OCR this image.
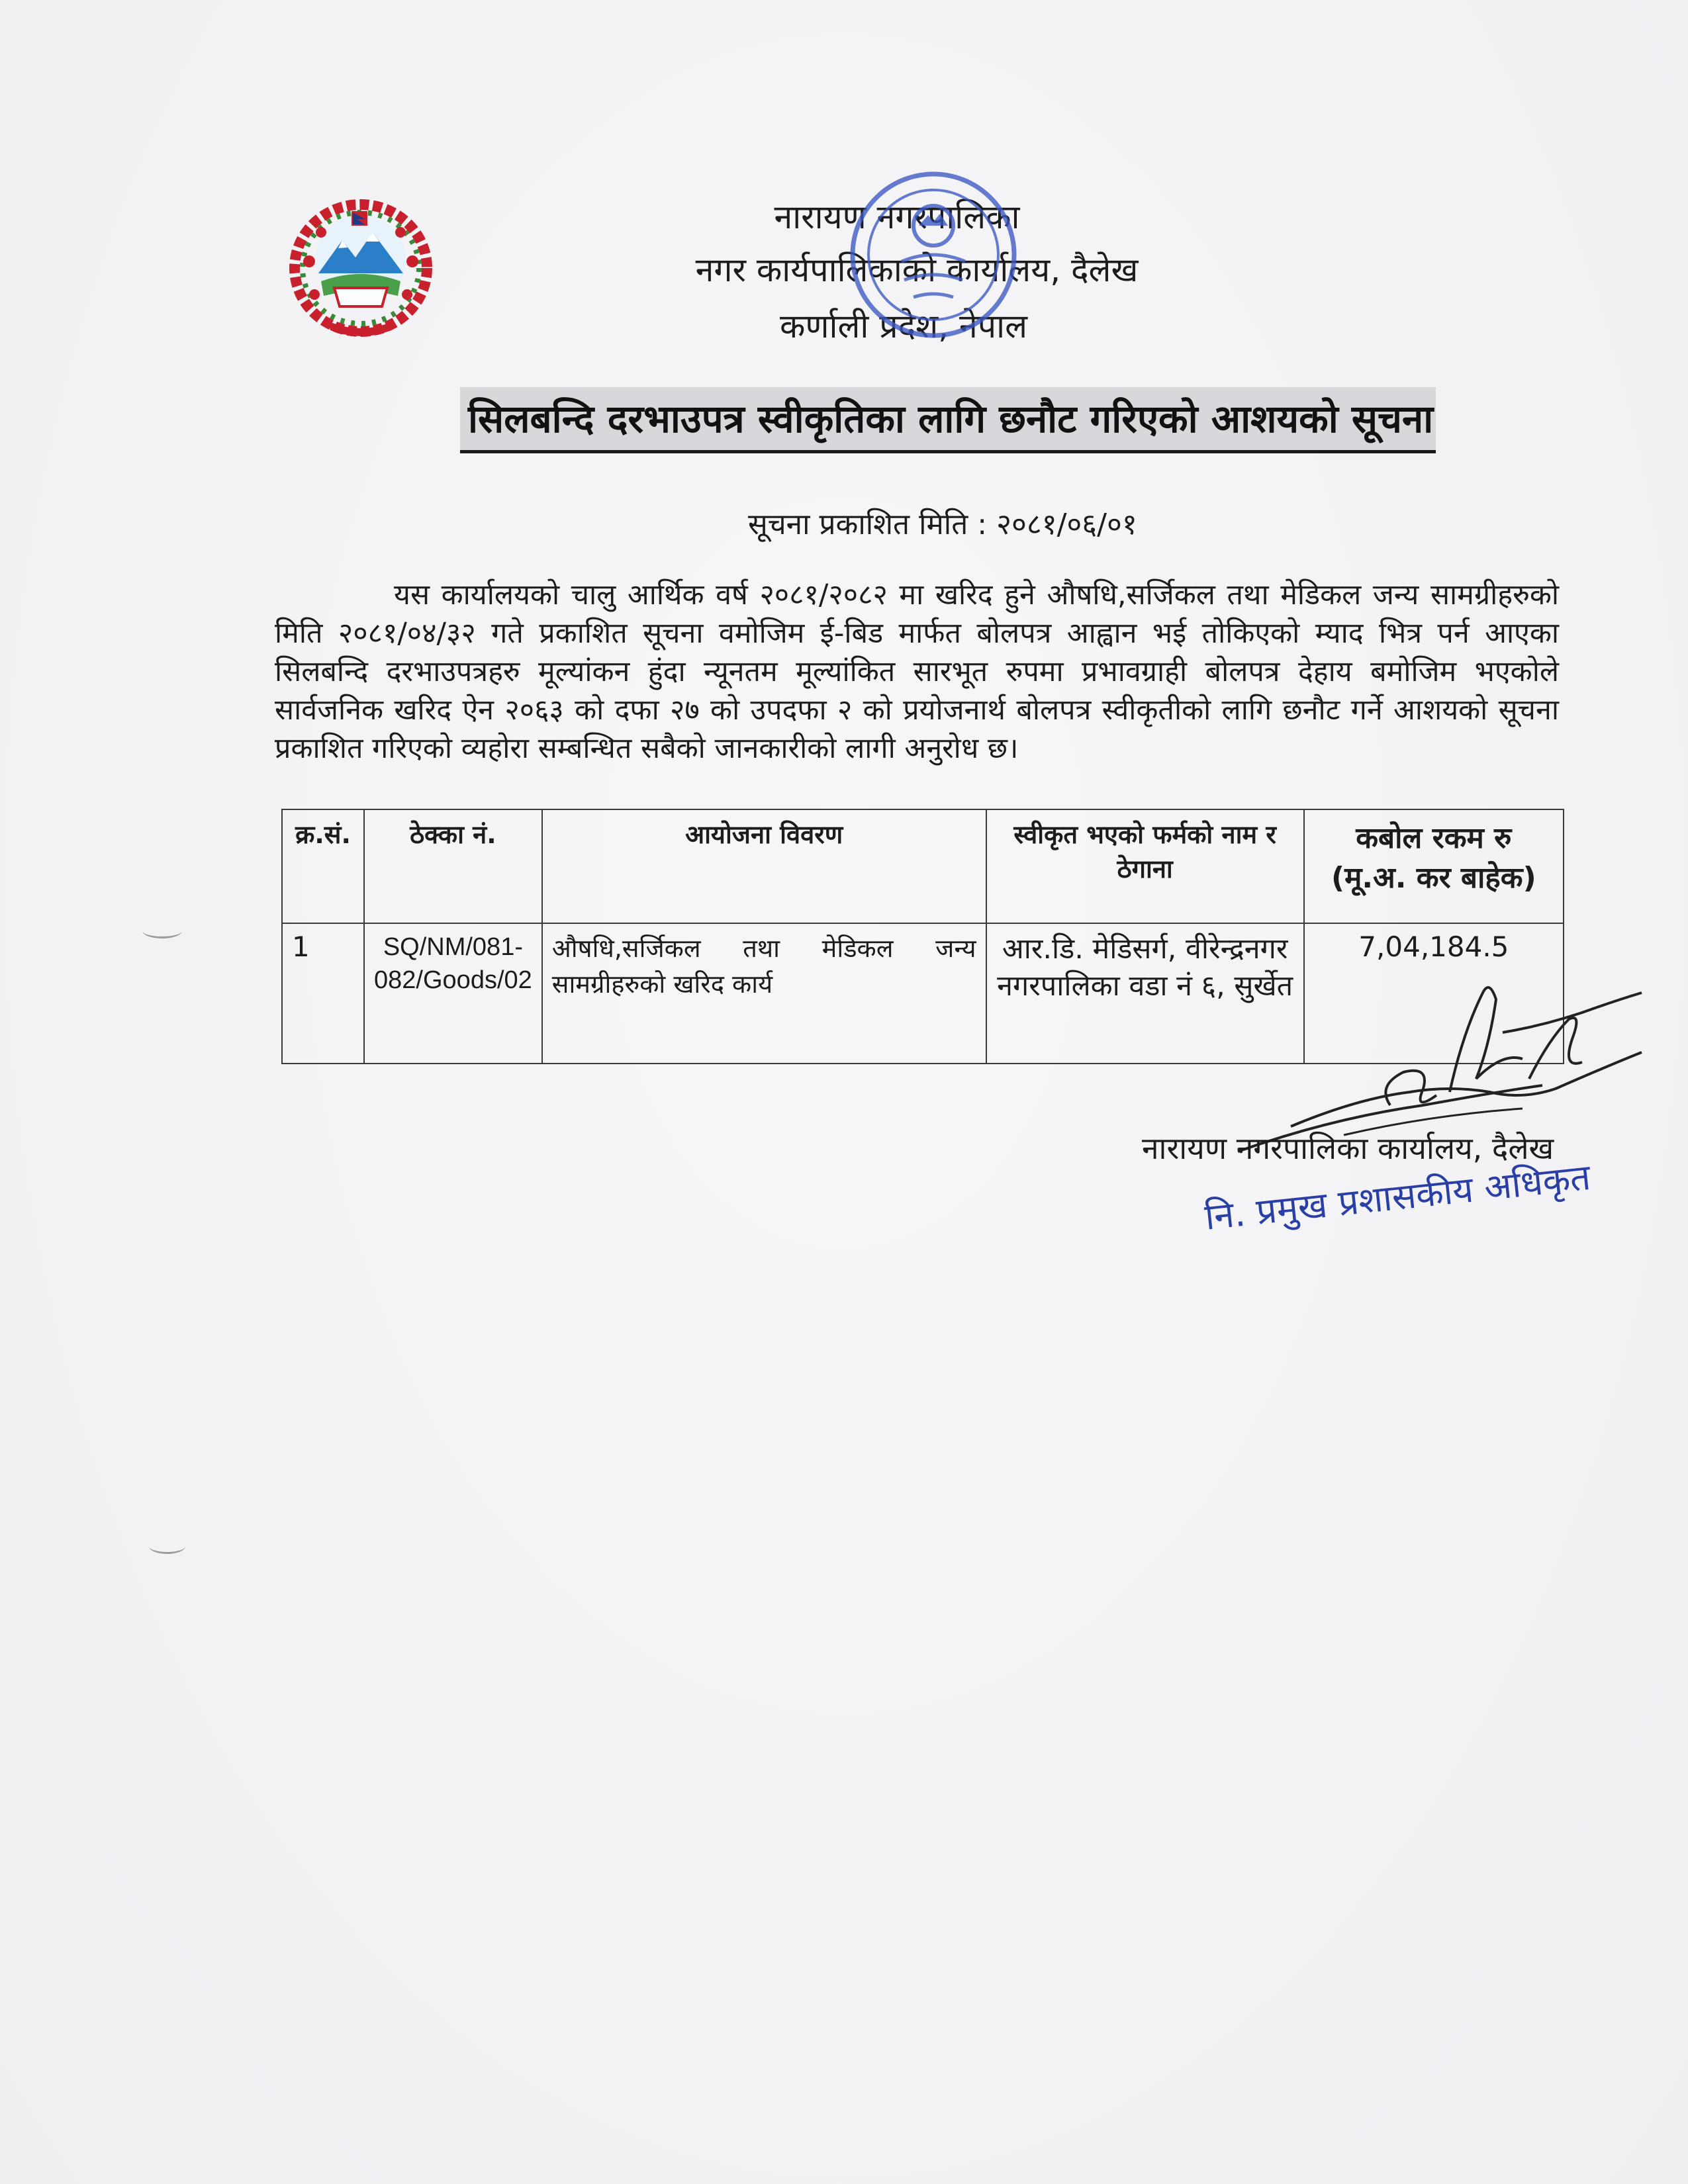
नारायण नगरपालिका
नगर कार्यपालिकाको कार्यालय, दैलेख
कर्णाली प्रदेश, नेपाल
सिलबन्दि दरभाउपत्र स्वीकृतिका लागि छनौट गरिएको आशयको सूचना
सूचना प्रकाशित मिति : २०८१/०६/०१
यस कार्यालयको चालु आर्थिक वर्ष २०८१/२०८२ मा खरिद हुने औषधि,सर्जिकल तथा मेडिकल जन्य सामग्रीहरुको मिति २०८१/०४/३२ गते प्रकाशित सूचना वमोजिम ई-बिड मार्फत बोलपत्र आह्वान भई तोकिएको म्याद भित्र पर्न आएका सिलबन्दि दरभाउपत्रहरु मूल्यांकन हुंदा न्यूनतम मूल्यांकित सारभूत रुपमा प्रभावग्राही बोलपत्र देहाय बमोजिम भएकोले सार्वजनिक खरिद ऐन २०६३ को दफा २७ को उपदफा २ को प्रयोजनार्थ बोलपत्र स्वीकृतीको लागि छनौट गर्ने आशयको सूचना प्रकाशित गरिएको व्यहोरा सम्बन्धित सबैको जानकारीको लागी अनुरोध छ।
क्र.सं.	ठेक्का नं.	आयोजना विवरण	स्वीकृत भएको फर्मको नाम र ठेगाना	कबोल रकम रु (मू.अ. कर बाहेक)
1	SQ/NM/081-082/Goods/02	औषधि,सर्जिकल तथा मेडिकल जन्य सामग्रीहरुको खरिद कार्य	आर.डि. मेडिसर्ग, वीरेन्द्रनगर नगरपालिका वडा नं ६, सुर्खेत	7,04,184.5
नारायण नगरपालिका कार्यालय, दैलेख
नि. प्रमुख प्रशासकीय अधिकृत
